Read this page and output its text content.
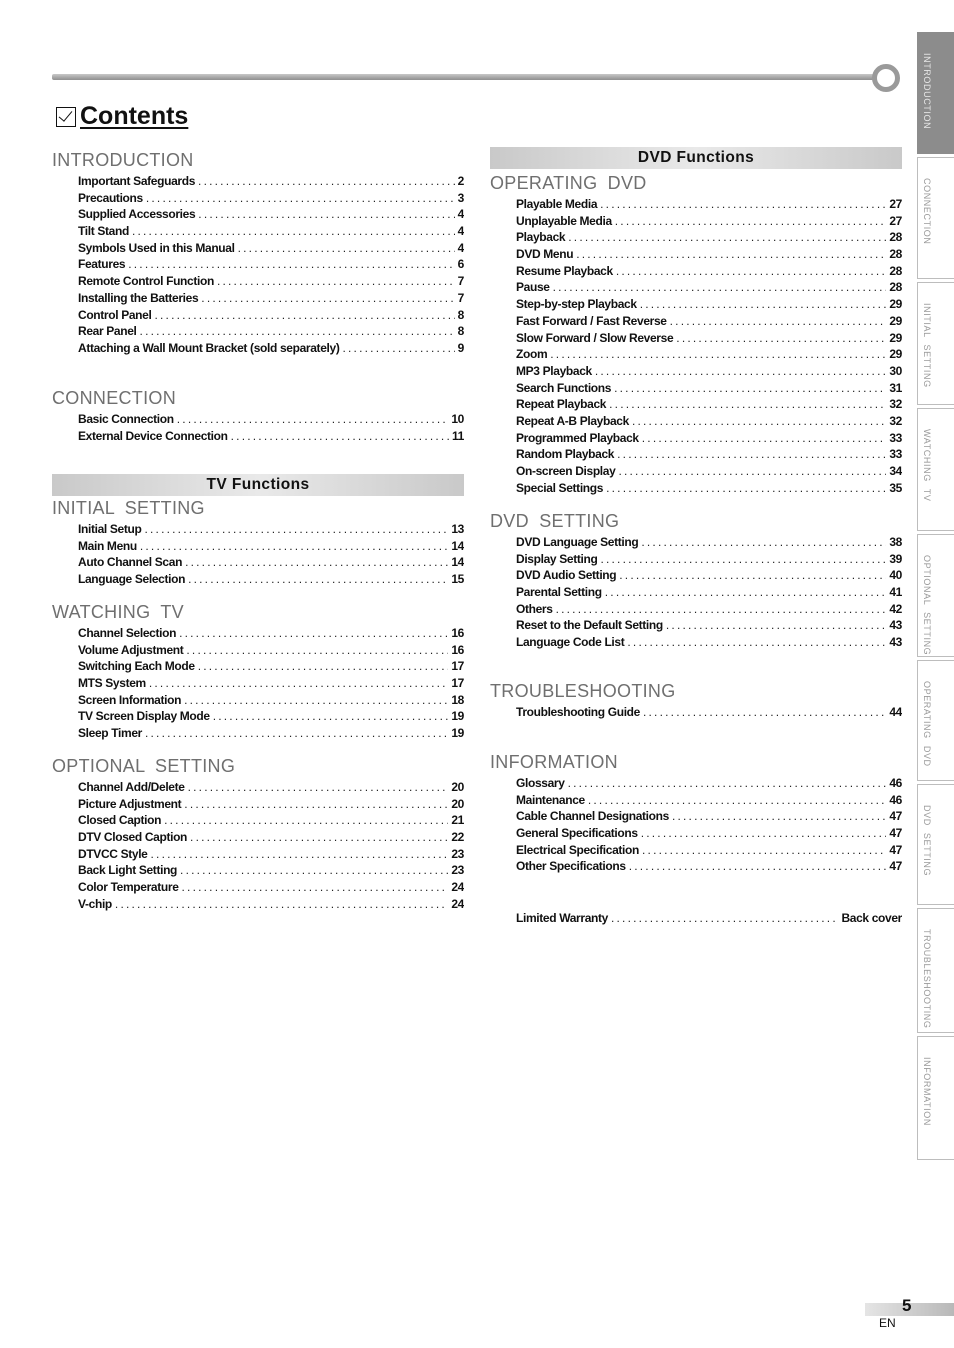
Contents
INTRODUCTION
Important Safeguards .....	2
Precautions .....	3
Supplied Accessories .....	4
Tilt Stand .....	4
Symbols Used in this Manual .....	4
Features .....	6
Remote Control Function .....	7
Installing the Batteries .....	7
Control Panel .....	8
Rear Panel .....	8
Attaching a Wall Mount Bracket (sold separately) .....	9
CONNECTION
Basic Connection .....	10
External Device Connection .....	11
TV Functions
INITIAL SETTING
Initial Setup .....	13
Main Menu .....	14
Auto Channel Scan .....	14
Language Selection .....	15
WATCHING TV
Channel Selection .....	16
Volume Adjustment .....	16
Switching Each Mode .....	17
MTS System .....	17
Screen Information .....	18
TV Screen Display Mode .....	19
Sleep Timer .....	19
OPTIONAL SETTING
Channel Add/Delete .....	20
Picture Adjustment .....	20
Closed Caption .....	21
DTV Closed Caption .....	22
DTVCC Style .....	23
Back Light Setting .....	23
Color Temperature .....	24
V-chip .....	24
DVD Functions
OPERATING DVD
Playable Media .....	27
Unplayable Media .....	27
Playback .....	28
DVD Menu .....	28
Resume Playback .....	28
Pause .....	28
Step-by-step Playback .....	29
Fast Forward / Fast Reverse .....	29
Slow Forward / Slow Reverse .....	29
Zoom .....	29
MP3 Playback .....	30
Search Functions .....	31
Repeat Playback .....	32
Repeat A-B Playback .....	32
Programmed Playback .....	33
Random Playback .....	33
On-screen Display .....	34
Special Settings .....	35
DVD SETTING
DVD Language Setting .....	38
Display Setting .....	39
DVD Audio Setting .....	40
Parental Setting .....	41
Others .....	42
Reset to the Default Setting .....	43
Language Code List .....	43
TROUBLESHOOTING
Troubleshooting Guide .....	44
INFORMATION
Glossary .....	46
Maintenance .....	46
Cable Channel Designations .....	47
General Specifications .....	47
Electrical Specification .....	47
Other Specifications .....	47
Limited Warranty .....	Back cover
INTRODUCTION
CONNECTION
INITIAL SETTING
WATCHING TV
OPTIONAL SETTING
OPERATING DVD
DVD SETTING
TROUBLESHOOTING
INFORMATION
5
EN
